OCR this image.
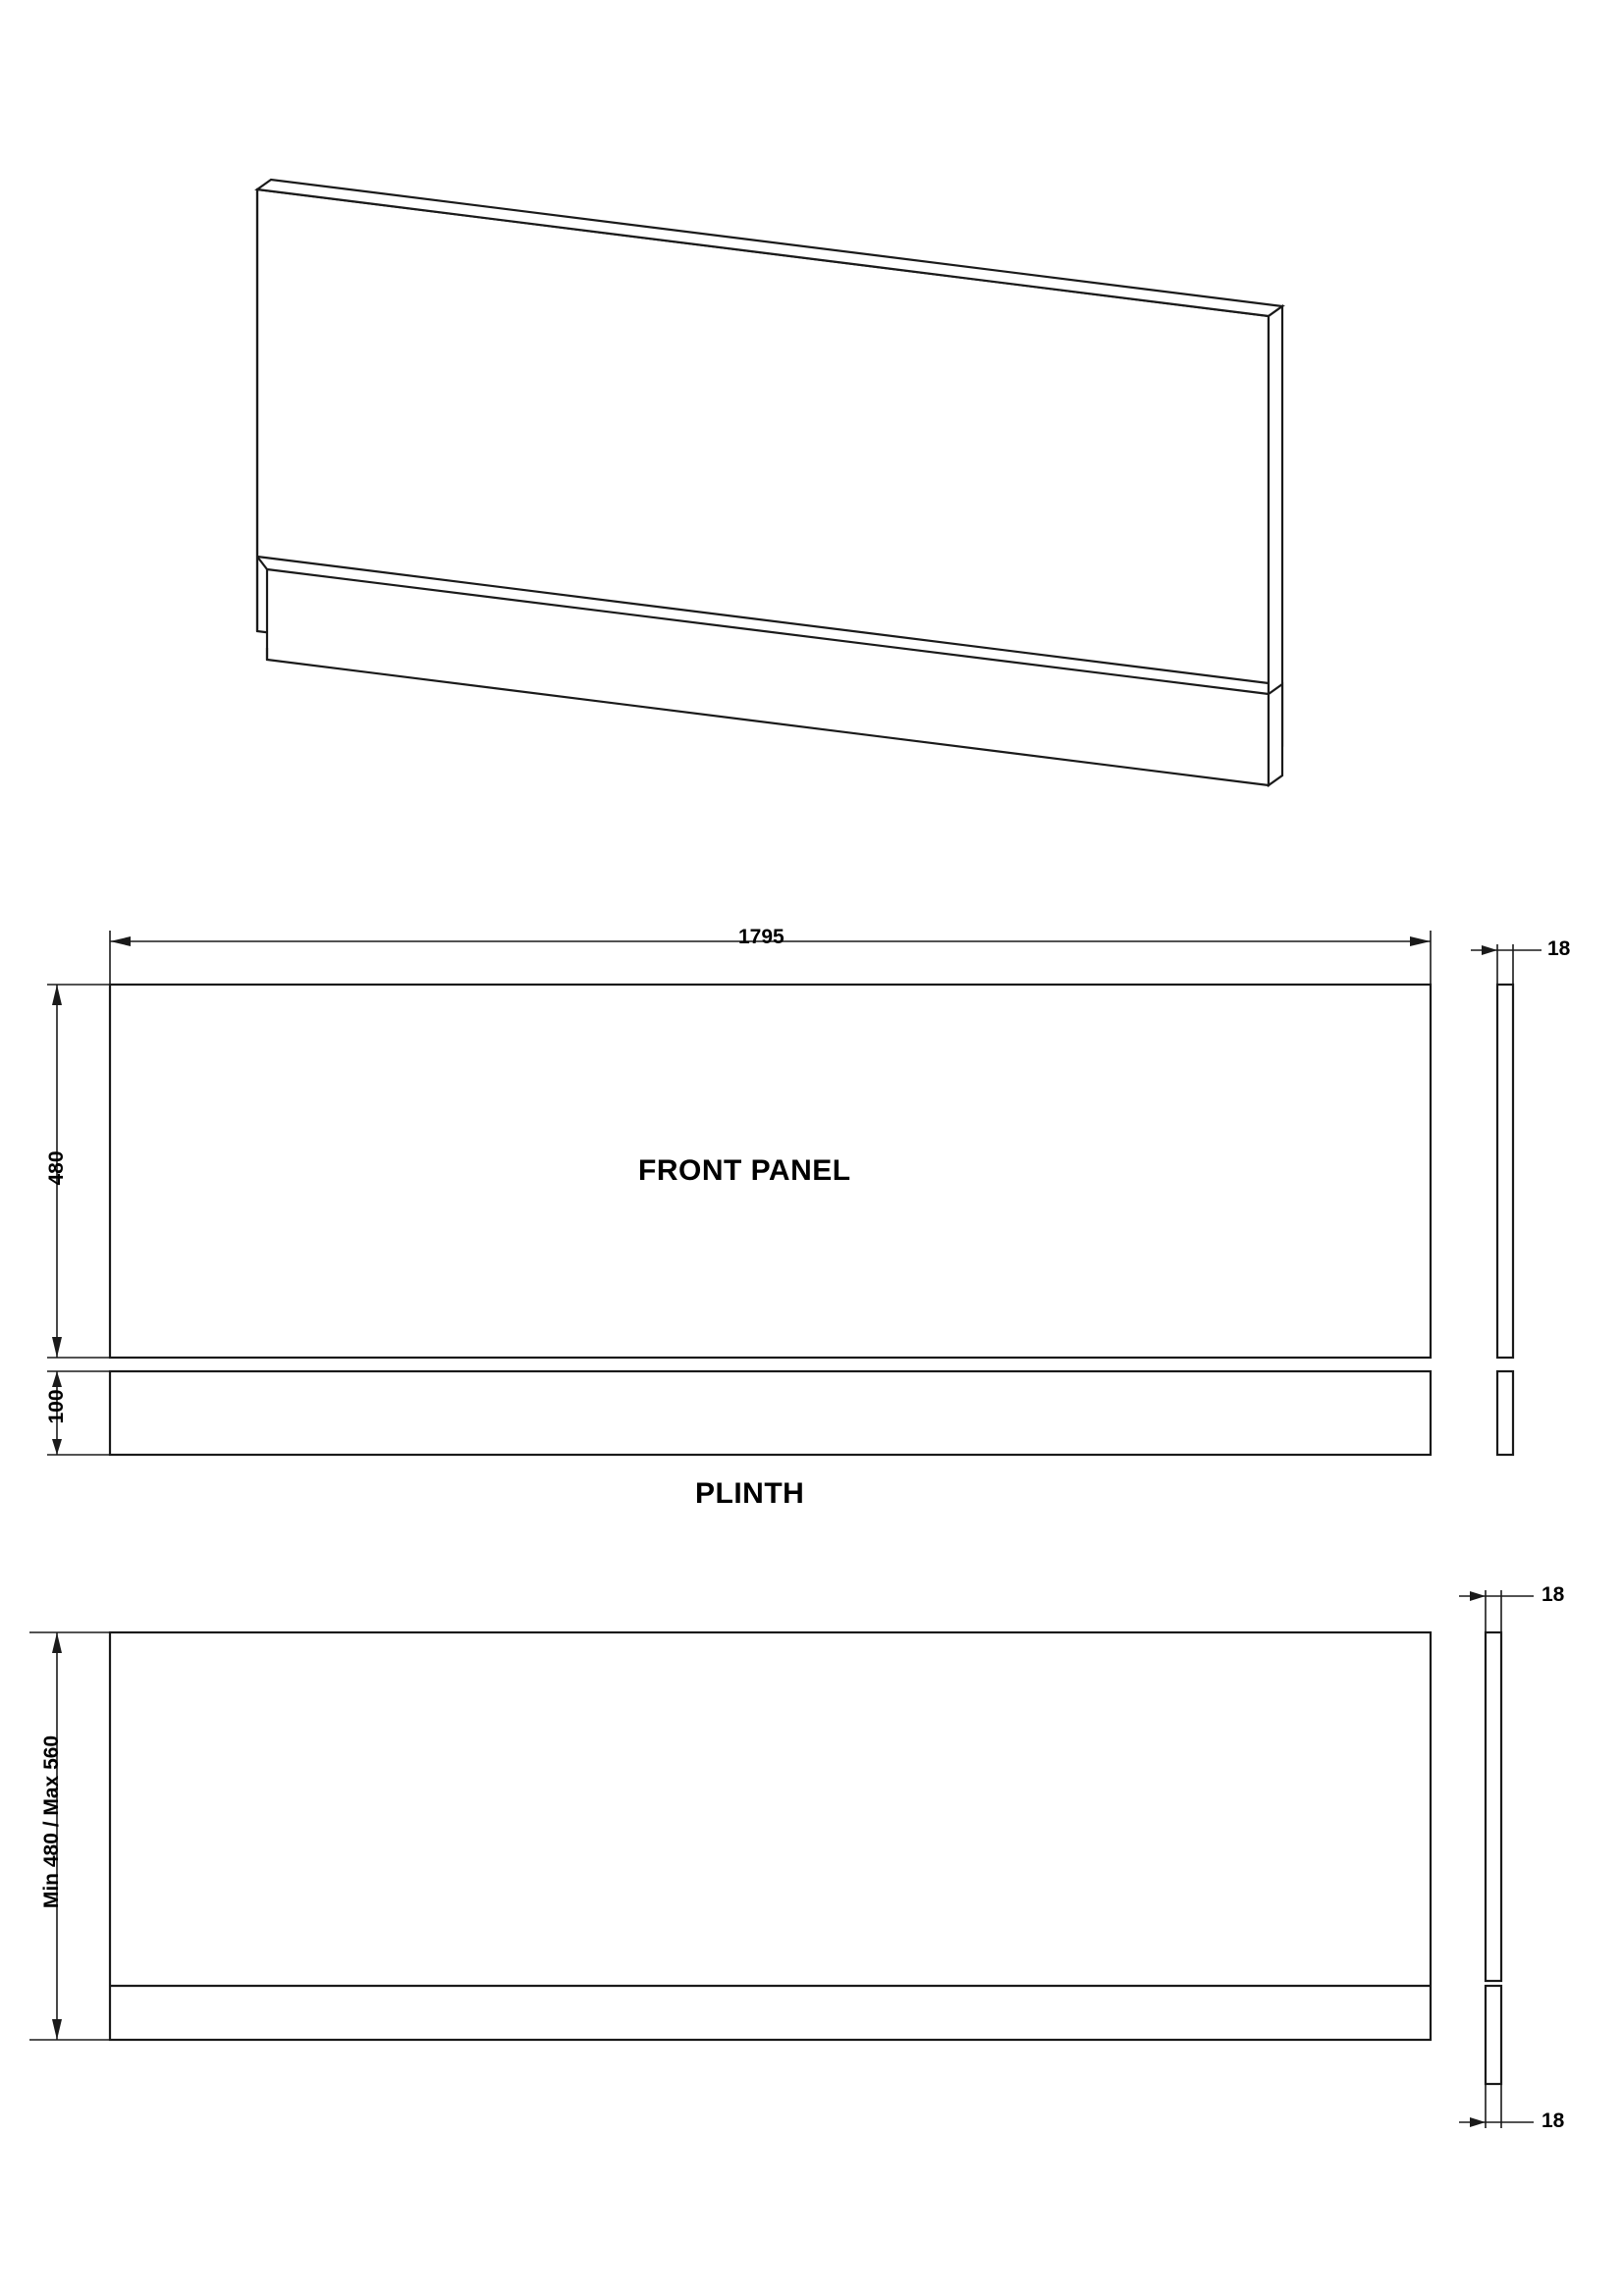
FRONT PANEL
PLINTH
1795
480
100
18
Min 480 / Max 560
18
18
